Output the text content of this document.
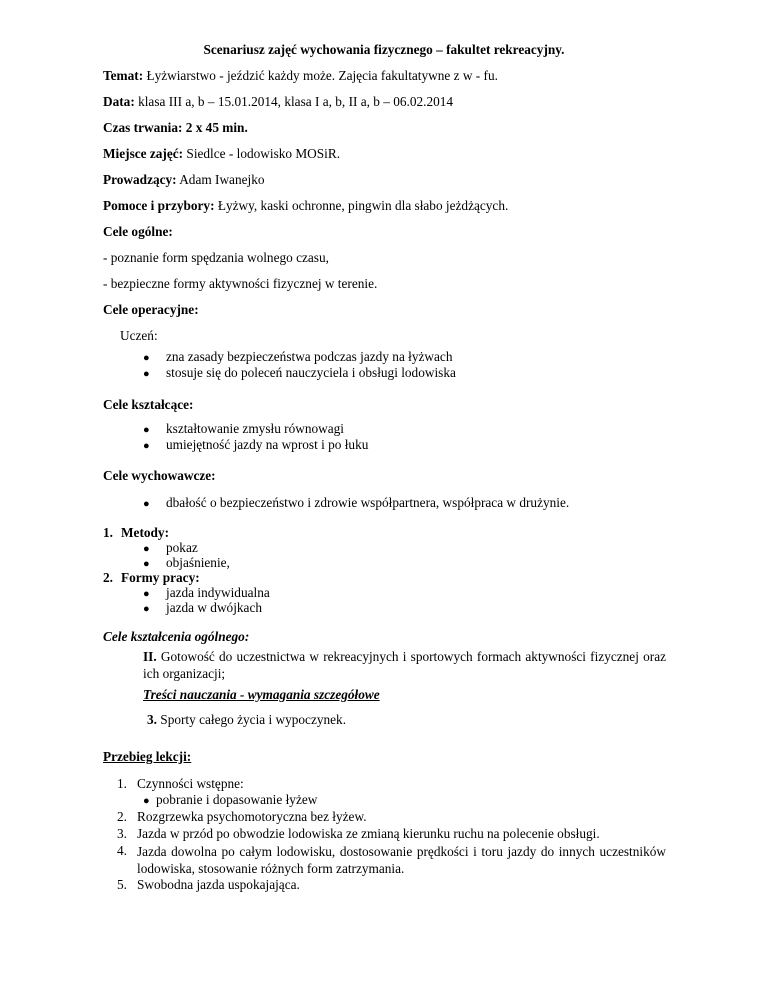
Scenariusz zajęć wychowania fizycznego – fakultet rekreacyjny.
Temat: Łyżwiarstwo - jeździć każdy może. Zajęcia fakultatywne z w - fu.
Data: klasa III a, b – 15.01.2014, klasa I a, b, II a, b – 06.02.2014
Czas trwania: 2 x 45 min.
Miejsce zajęć: Siedlce - lodowisko MOSiR.
Prowadzący: Adam Iwanejko
Pomoce i przybory: Łyżwy, kaski ochronne, pingwin dla słabo jeżdżących.
Cele ogólne:
- poznanie form spędzania wolnego czasu,
- bezpieczne formy aktywności fizycznej w terenie.
Cele operacyjne:
Uczeń:
● zna zasady bezpieczeństwa podczas jazdy na łyżwach
● stosuje się do poleceń nauczyciela i obsługi lodowiska
Cele kształcące:
● kształtowanie zmysłu równowagi
● umiejętność jazdy na wprost i po łuku
Cele wychowawcze:
● dbałość o bezpieczeństwo i zdrowie współpartnera, współpraca w drużynie.
1. Metody:
● pokaz
● objaśnienie,
2. Formy pracy:
● jazda indywidualna
● jazda w dwójkach
Cele kształcenia ogólnego:
II. Gotowość do uczestnictwa w rekreacyjnych i sportowych formach aktywności fizycznej oraz ich organizacji;
Treści nauczania - wymagania szczegółowe
3. Sporty całego życia i wypoczynek.
Przebieg lekcji:
1. Czynności wstępne:
● pobranie i dopasowanie łyżew
2. Rozgrzewka psychomotoryczna bez łyżew.
3. Jazda w przód po obwodzie lodowiska ze zmianą kierunku ruchu na polecenie obsługi.
4. Jazda dowolna po całym lodowisku, dostosowanie prędkości i toru jazdy do innych uczestników lodowiska, stosowanie różnych form zatrzymania.
5. Swobodna jazda uspokajająca.
